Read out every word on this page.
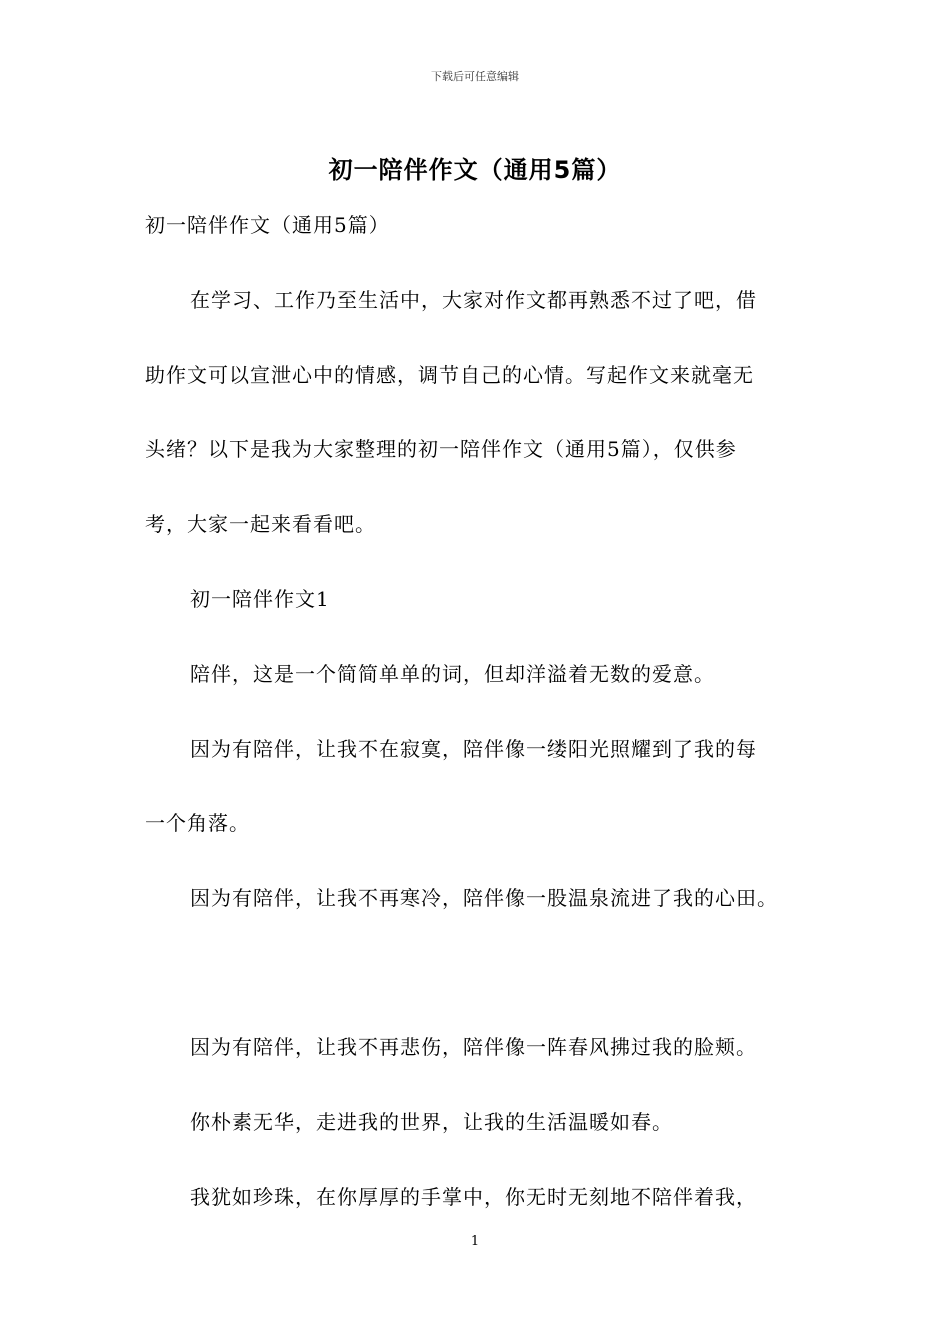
下载后可任意编辑
初一陪伴作文（通用5篇）
初一陪伴作文（通用5篇）
在学习、工作乃至生活中，大家对作文都再熟悉不过了吧，借
助作文可以宣泄心中的情感，调节自己的心情。写起作文来就毫无
头绪？以下是我为大家整理的初一陪伴作文（通用5篇），仅供参
考，大家一起来看看吧。
初一陪伴作文1
陪伴，这是一个简简单单的词，但却洋溢着无数的爱意。
因为有陪伴，让我不在寂寞，陪伴像一缕阳光照耀到了我的每
一个角落。
因为有陪伴，让我不再寒冷，陪伴像一股温泉流进了我的心田。
因为有陪伴，让我不再悲伤，陪伴像一阵春风拂过我的脸颊。
你朴素无华，走进我的世界，让我的生活温暖如春。
我犹如珍珠，在你厚厚的手掌中，你无时无刻地不陪伴着我，
1
